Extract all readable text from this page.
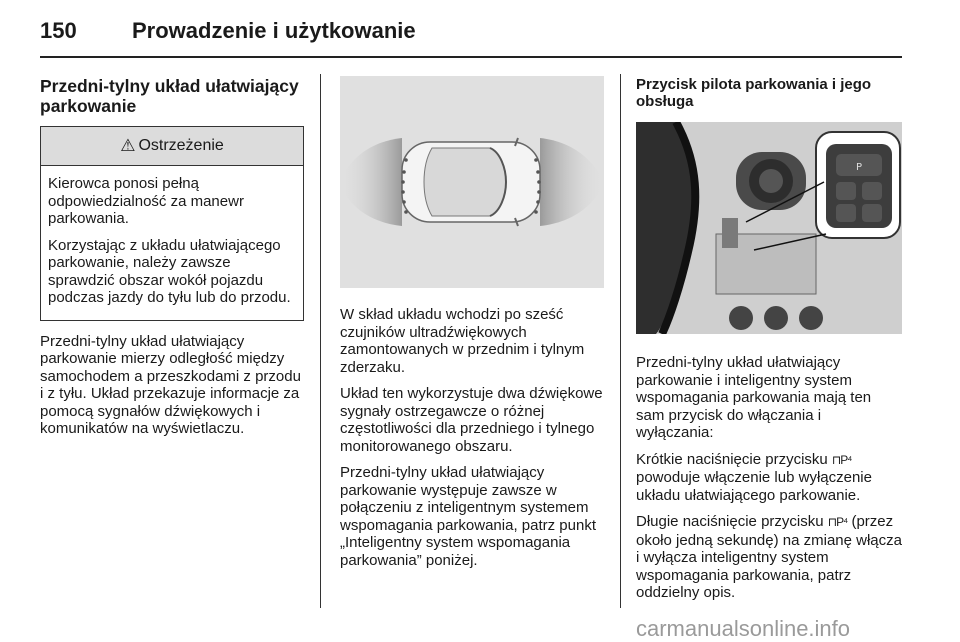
150	Prowadzenie i użytkowanie
Przedni-tylny układ ułatwiający parkowanie
⚠ Ostrzeżenie

Kierowca ponosi pełną odpowiedzialność za manewr parkowania.

Korzystając z układu ułatwiającego parkowanie, należy zawsze sprawdzić obszar wokół pojazdu podczas jazdy do tyłu lub do przodu.

Przedni-tylny układ ułatwiający parkowanie mierzy odległość między samochodem a przeszkodami z przodu i z tyłu. Układ przekazuje informacje za pomocą sygnałów dźwiękowych i komunikatów na wyświetlaczu.

W skład układu wchodzi po sześć czujników ultradźwiękowych zamontowanych w przednim i tylnym zderzaku.

Układ ten wykorzystuje dwa dźwiękowe sygnały ostrzegawcze o różnej częstotliwości dla przedniego i tylnego monitorowanego obszaru.

Przedni-tylny układ ułatwiający parkowanie występuje zawsze w połączeniu z inteligentnym systemem wspomagania parkowania, patrz punkt „Inteligentny system wspomagania parkowania” poniżej.

Przycisk pilota parkowania i jego obsługa
P

Przedni-tylny układ ułatwiający parkowanie i inteligentny system wspomagania parkowania mają ten sam przycisk do włączania i wyłączania:

Krótkie naciśnięcie przycisku ⊓P⁴ powoduje włączenie lub wyłączenie układu ułatwiającego parkowanie.

Długie naciśnięcie przycisku ⊓P⁴ (przez około jedną sekundę) na zmianę włącza i wyłącza inteligentny system wspomagania parkowania, patrz oddzielny opis.

carmanualsonline.info
